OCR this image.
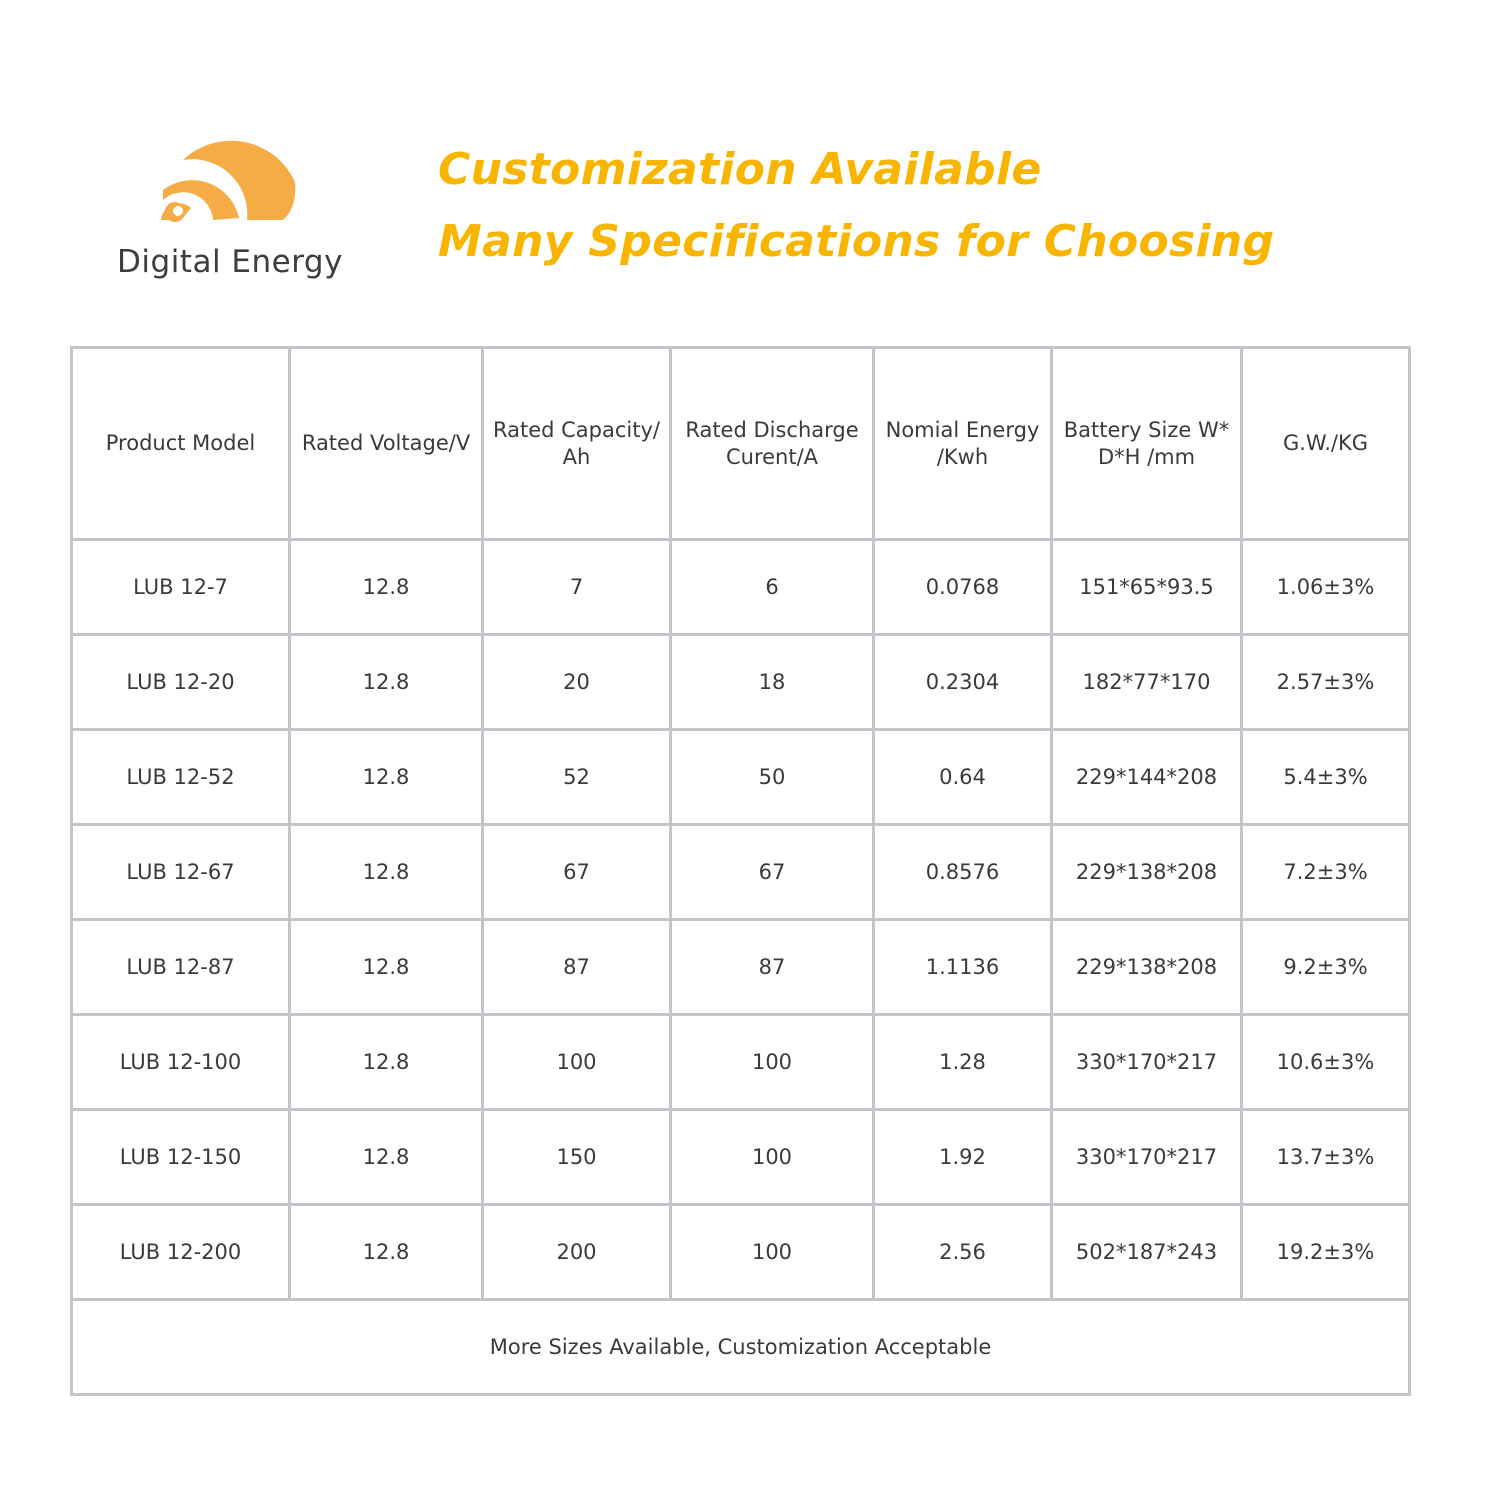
Digital Energy
Customization Available
Many Specifications for Choosing
Product Model	Rated Voltage/V	Rated Capacity/ Ah	Rated Discharge Curent/A	Nomial Energy /Kwh	Battery Size W* D*H /mm	G.W./KG
LUB 12-7	12.8	7	6	0.0768	151*65*93.5	1.06±3%
LUB 12-20	12.8	20	18	0.2304	182*77*170	2.57±3%
LUB 12-52	12.8	52	50	0.64	229*144*208	5.4±3%
LUB 12-67	12.8	67	67	0.8576	229*138*208	7.2±3%
LUB 12-87	12.8	87	87	1.1136	229*138*208	9.2±3%
LUB 12-100	12.8	100	100	1.28	330*170*217	10.6±3%
LUB 12-150	12.8	150	100	1.92	330*170*217	13.7±3%
LUB 12-200	12.8	200	100	2.56	502*187*243	19.2±3%
More Sizes Available, Customization Acceptable						
